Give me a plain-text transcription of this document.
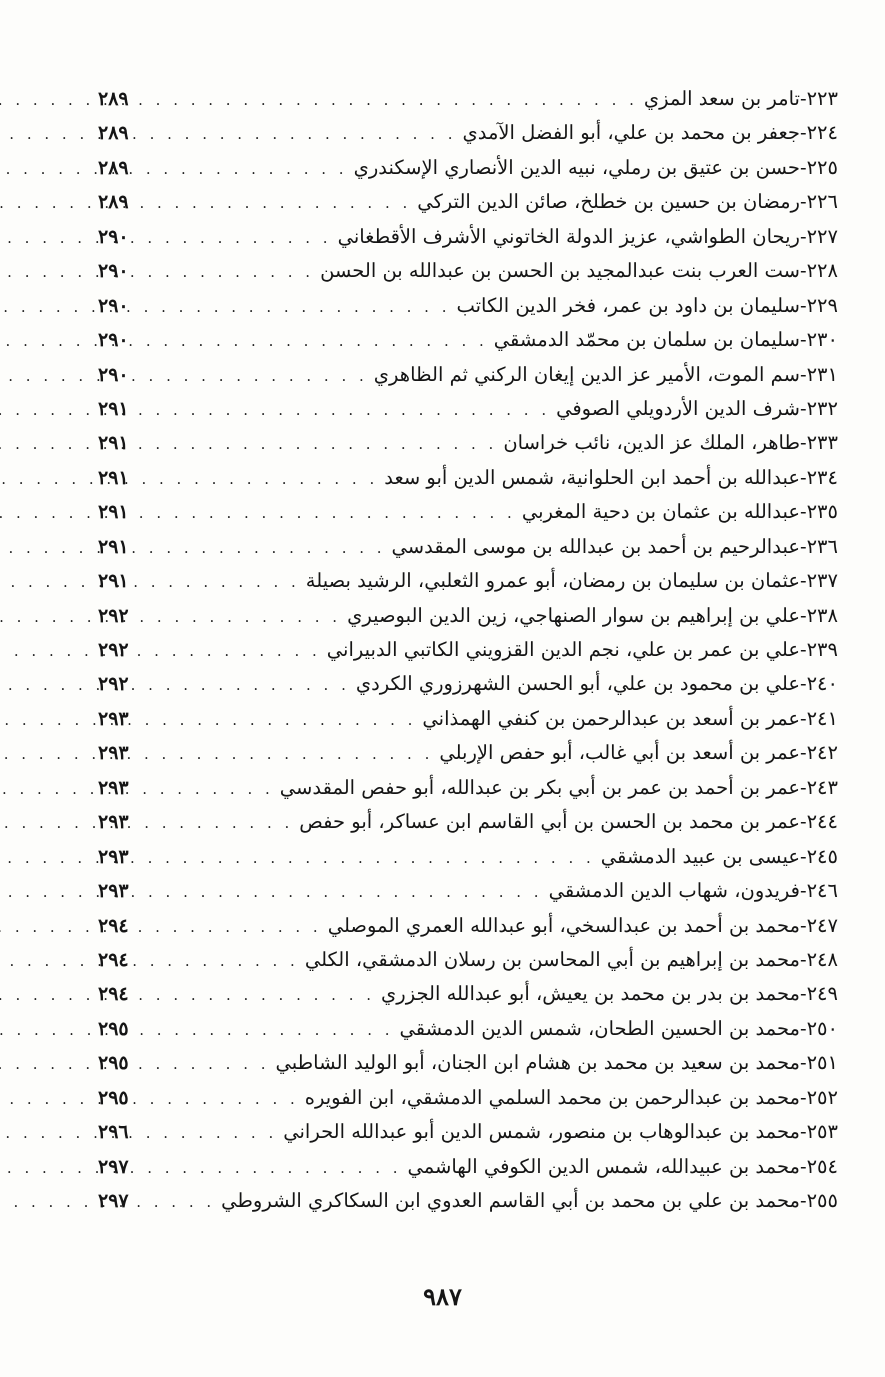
٢٢٣
-
تامر بن سعد المزي
. . .
٢٨٩
٢٢٤
-
جعفر بن محمد بن علي، أبو الفضل الآمدي
. . .
٢٨٩
٢٢٥
-
حسن بن عتيق بن رملي، نبيه الدين الأنصاري الإسكندري
. . .
٢٨٩
٢٢٦
-
رمضان بن حسين بن خطلخ، صائن الدين التركي
. . .
٢٨٩
٢٢٧
-
ريحان الطواشي، عزيز الدولة الخاتوني الأشرف الأقطغاني
. . .
٢٩٠
٢٢٨
-
ست العرب بنت عبدالمجيد بن الحسن بن عبدالله بن الحسن
. . .
٢٩٠
٢٢٩
-
سليمان بن داود بن عمر، فخر الدين الكاتب
. . .
٢٩٠
٢٣٠
-
سليمان بن سلمان بن محمّد الدمشقي
. . .
٢٩٠
٢٣١
-
سم الموت، الأمير عز الدين إيغان الركني ثم الظاهري
. . .
٢٩٠
٢٣٢
-
شرف الدين الأردويلي الصوفي
. . .
٢٩١
٢٣٣
-
طاهر، الملك عز الدين، نائب خراسان
. . .
٢٩١
٢٣٤
-
عبدالله بن أحمد ابن الحلوانية، شمس الدين أبو سعد
. . .
٢٩١
٢٣٥
-
عبدالله بن عثمان بن دحية المغربي
. . .
٢٩١
٢٣٦
-
عبدالرحيم بن أحمد بن عبدالله بن موسى المقدسي
. . .
٢٩١
٢٣٧
-
عثمان بن سليمان بن رمضان، أبو عمرو الثعلبي، الرشيد بصيلة
. . .
٢٩١
٢٣٨
-
علي بن إبراهيم بن سوار الصنهاجي، زين الدين البوصيري
. . .
٢٩٢
٢٣٩
-
علي بن عمر بن علي، نجم الدين القزويني الكاتبي الدبيراني
. . .
٢٩٢
٢٤٠
-
علي بن محمود بن علي، أبو الحسن الشهرزوري الكردي
. . .
٢٩٢
٢٤١
-
عمر بن أسعد بن عبدالرحمن بن كنفي الهمذاني
. . .
٢٩٣
٢٤٢
-
عمر بن أسعد بن أبي غالب، أبو حفص الإربلي
. . .
٢٩٣
٢٤٣
-
عمر بن أحمد بن عمر بن أبي بكر بن عبدالله، أبو حفص المقدسي
. . .
٢٩٣
٢٤٤
-
عمر بن محمد بن الحسن بن أبي القاسم ابن عساكر، أبو حفص
. . .
٢٩٣
٢٤٥
-
عيسى بن عبيد الدمشقي
. . .
٢٩٣
٢٤٦
-
فريدون، شهاب الدين الدمشقي
. . .
٢٩٣
٢٤٧
-
محمد بن أحمد بن عبدالسخي، أبو عبدالله العمري الموصلي
. . .
٢٩٤
٢٤٨
-
محمد بن إبراهيم بن أبي المحاسن بن رسلان الدمشقي، الكلي
. . .
٢٩٤
٢٤٩
-
محمد بن بدر بن محمد بن يعيش، أبو عبدالله الجزري
. . .
٢٩٤
٢٥٠
-
محمد بن الحسين الطحان، شمس الدين الدمشقي
. . .
٢٩٥
٢٥١
-
محمد بن سعيد بن محمد بن هشام ابن الجنان، أبو الوليد الشاطبي
. . .
٢٩٥
٢٥٢
-
محمد بن عبدالرحمن بن محمد السلمي الدمشقي، ابن الفويره
. . .
٢٩٥
٢٥٣
-
محمد بن عبدالوهاب بن منصور، شمس الدين أبو عبدالله الحراني
. . .
٢٩٦
٢٥٤
-
محمد بن عبيدالله، شمس الدين الكوفي الهاشمي
. . .
٢٩٧
٢٥٥
-
محمد بن علي بن محمد بن أبي القاسم العدوي ابن السكاكري الشروطي
. . .
٢٩٧
٩٨٧
